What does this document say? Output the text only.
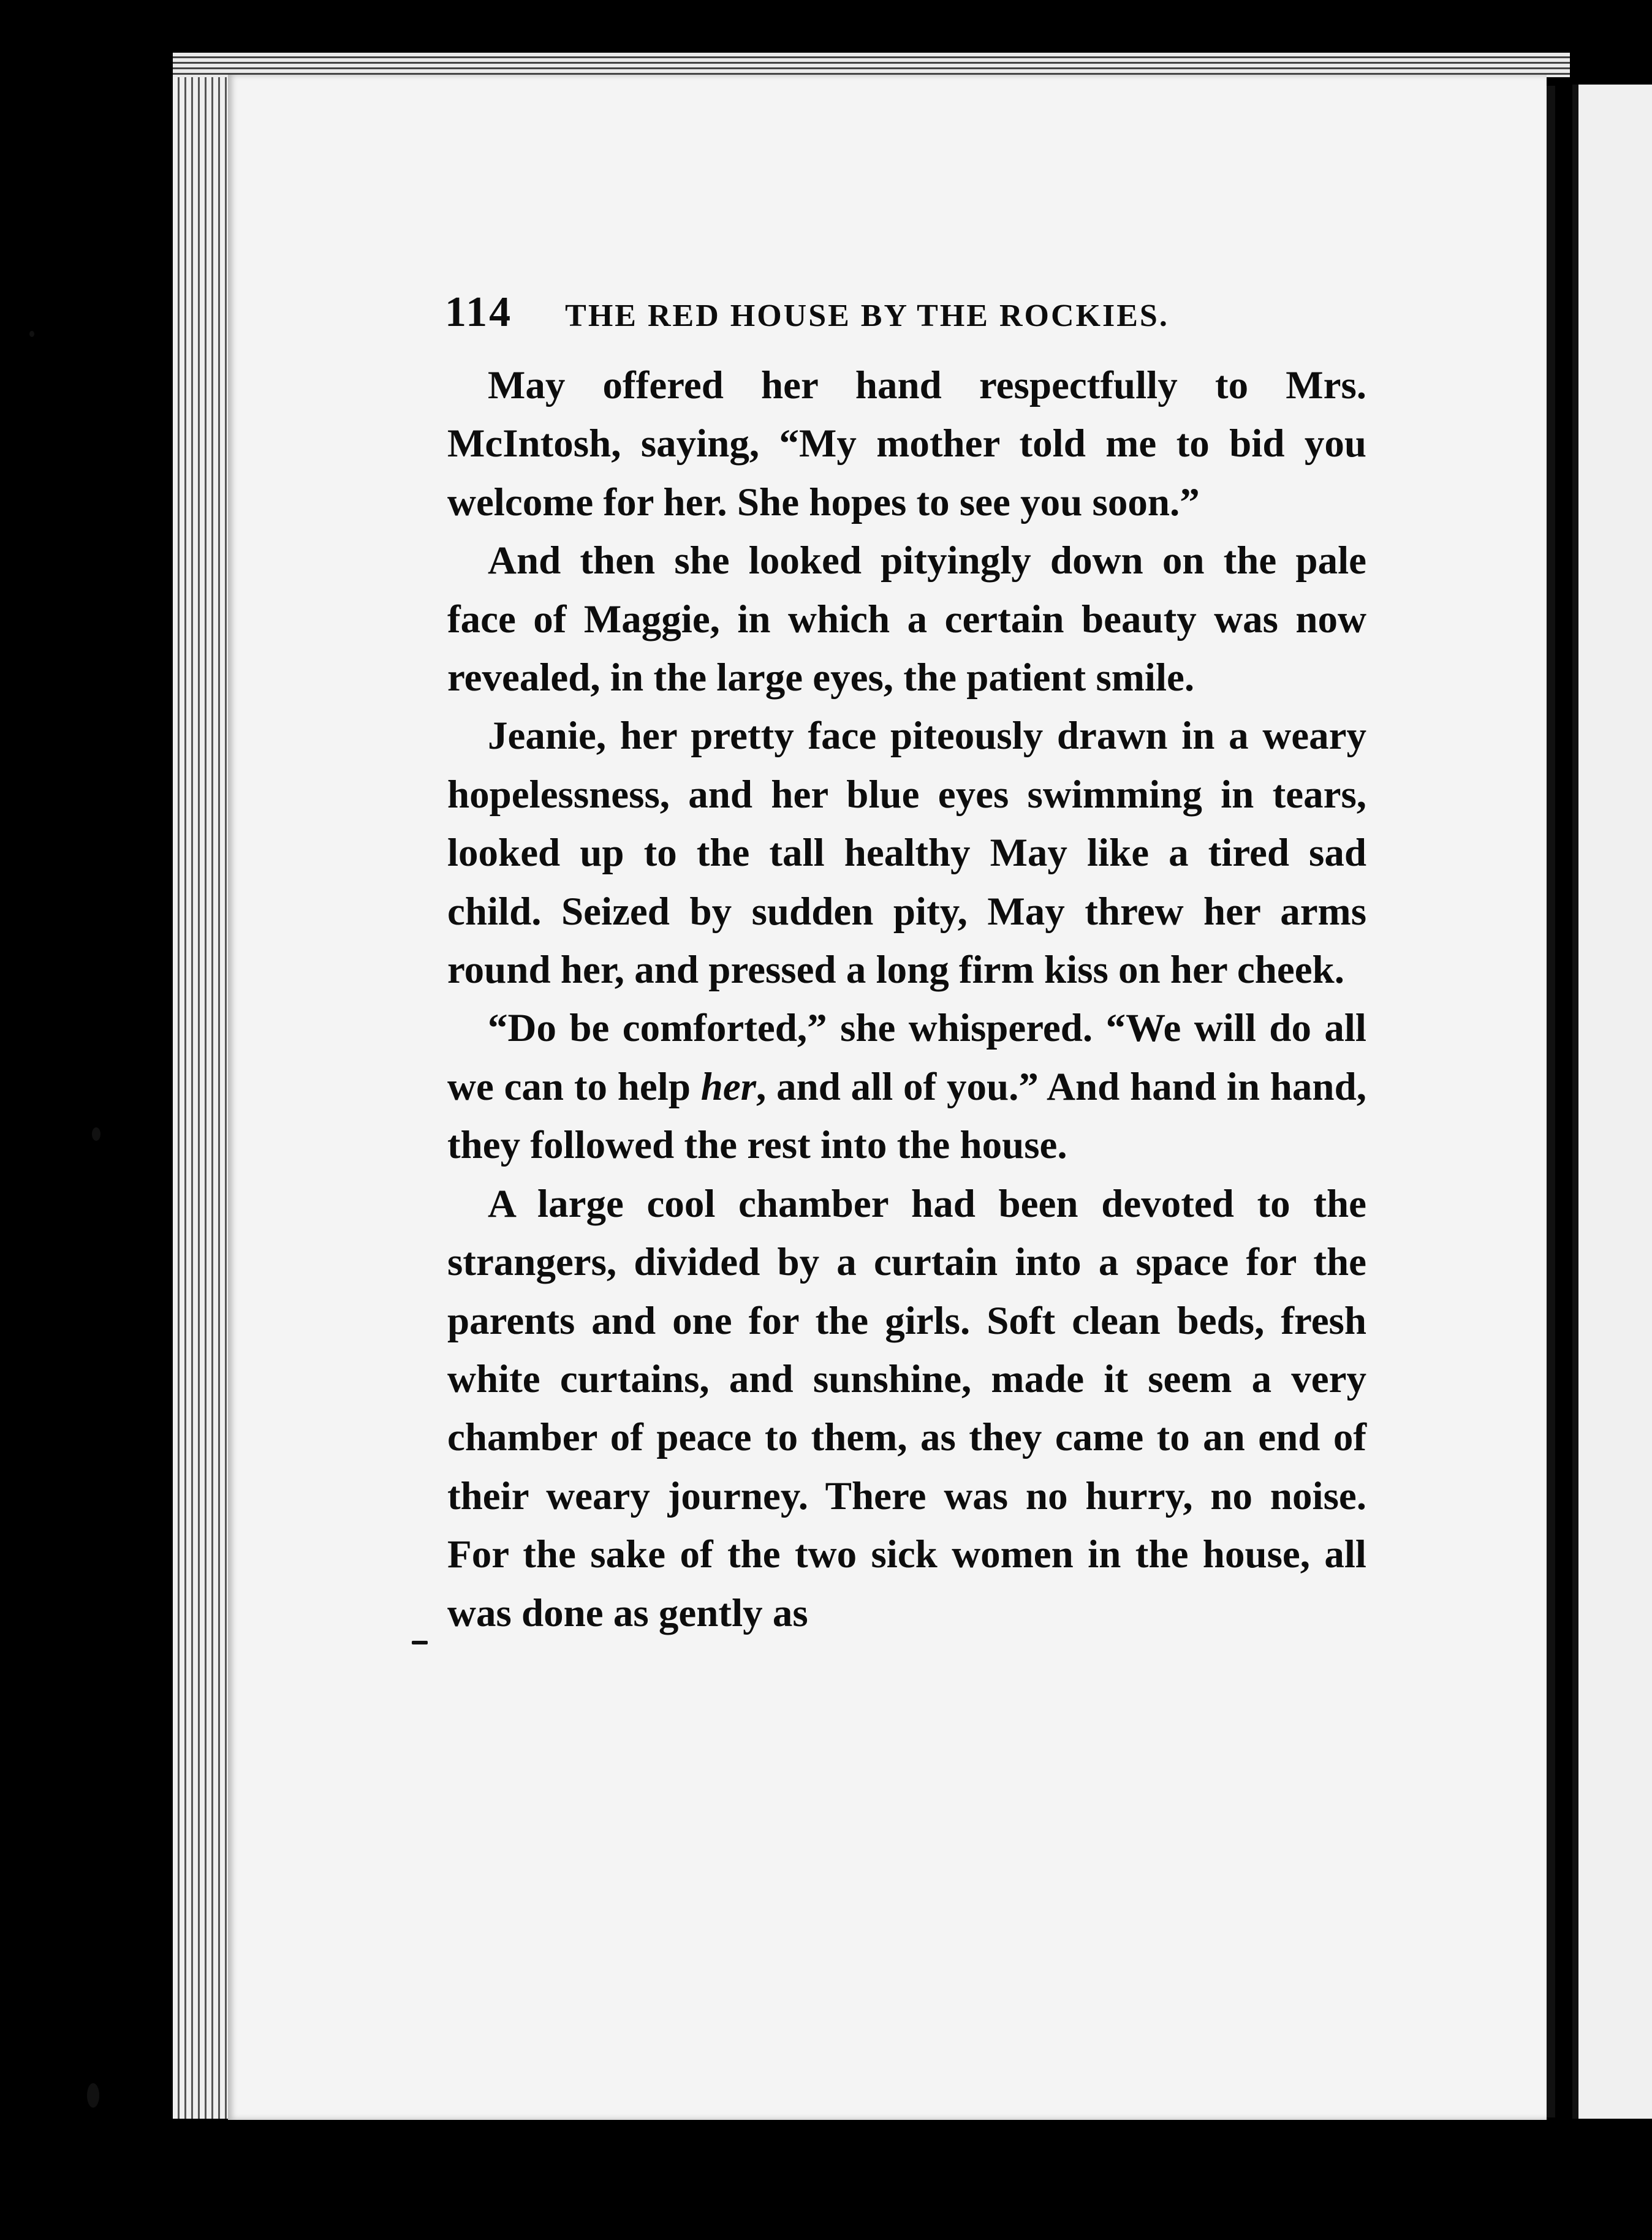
114 THE RED HOUSE BY THE ROCKIES.

May offered her hand respectfully to Mrs. McIntosh, saying, “My mother told me to bid you welcome for her. She hopes to see you soon.”

And then she looked pityingly down on the pale face of Maggie, in which a certain beauty was now revealed, in the large eyes, the patient smile.

Jeanie, her pretty face piteously drawn in a weary hopelessness, and her blue eyes swimming in tears, looked up to the tall healthy May like a tired sad child. Seized by sudden pity, May threw her arms round her, and pressed a long firm kiss on her cheek.

“Do be comforted,” she whispered. “We will do all we can to help her, and all of you.” And hand in hand, they followed the rest into the house.

A large cool chamber had been devoted to the strangers, divided by a curtain into a space for the parents and one for the girls. Soft clean beds, fresh white curtains, and sunshine, made it seem a very chamber of peace to them, as they came to an end of their weary journey. There was no hurry, no noise. For the sake of the two sick women in the house, all was done as gently as
